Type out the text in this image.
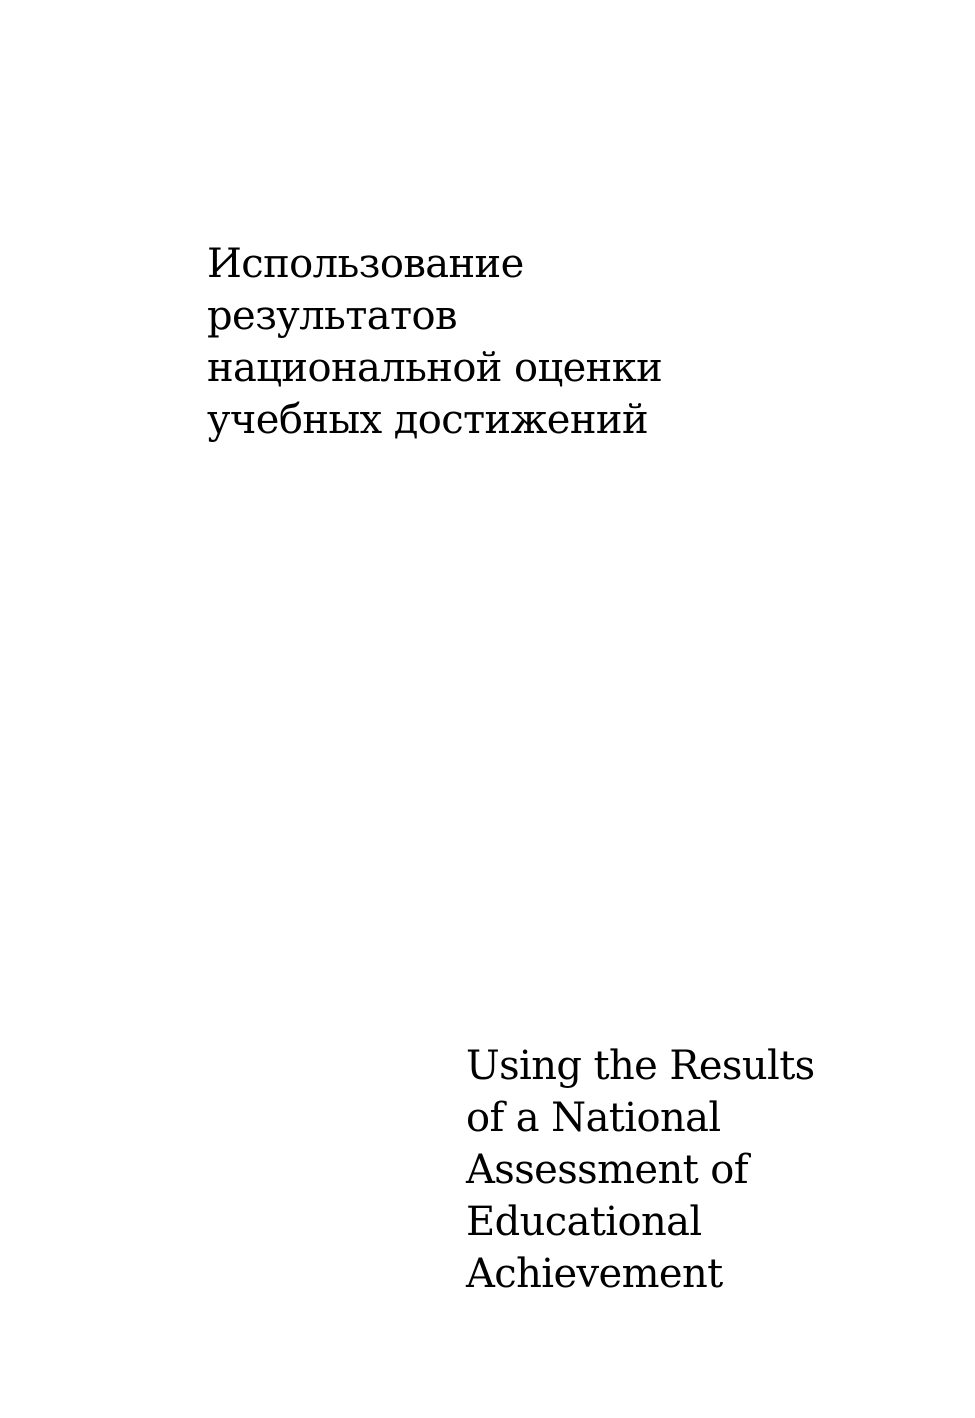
Использование
результатов
национальной оценки
учебных достижений
Using the Results
of a National
Assessment of
Educational
Achievement
